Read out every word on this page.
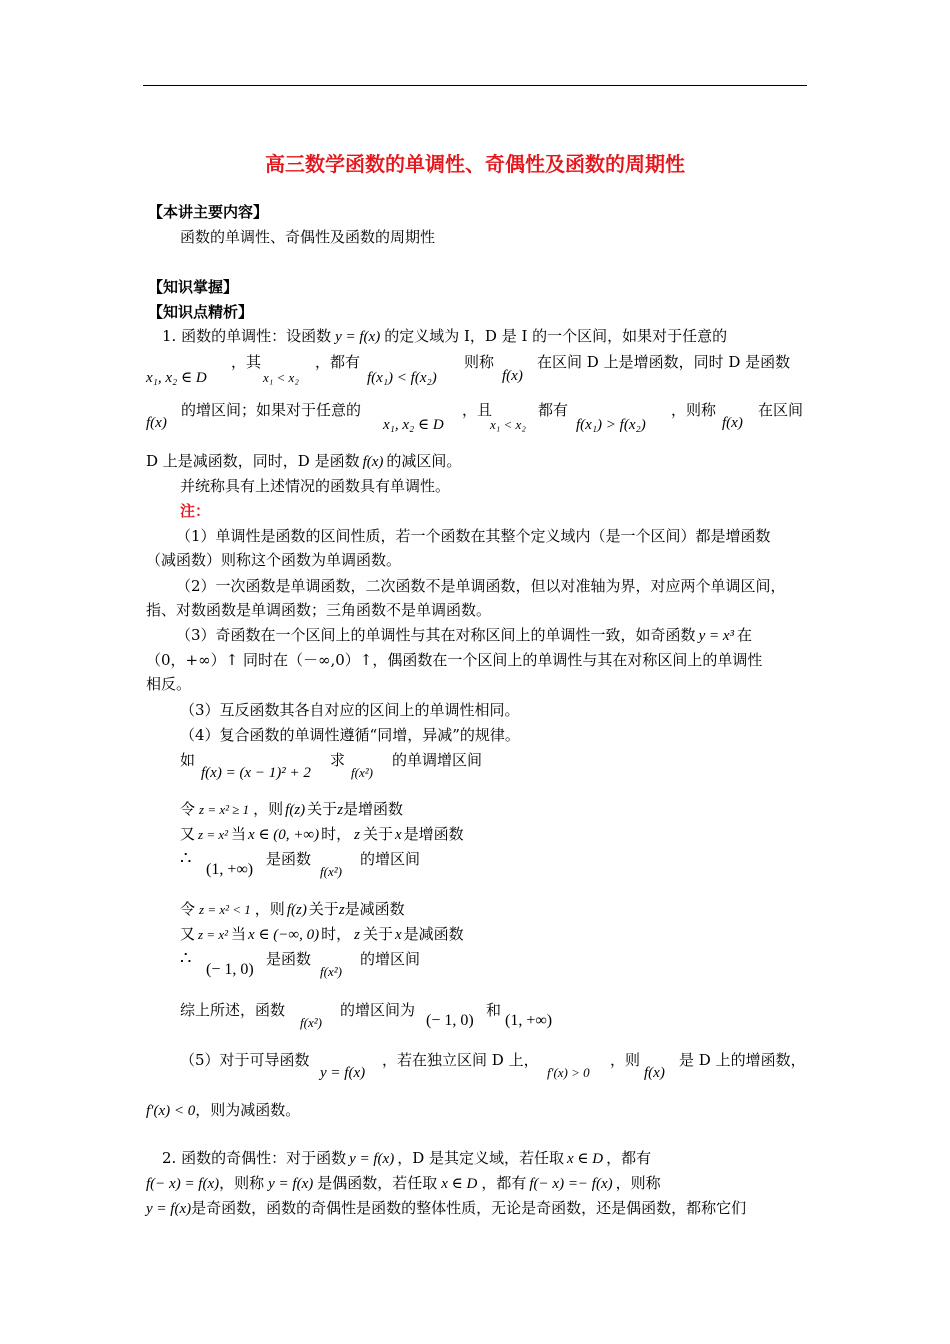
高三数学函数的单调性、奇偶性及函数的周期性
【本讲主要内容】
函数的单调性、奇偶性及函数的周期性
【知识掌握】
【知识点精析】
1. 函数的单调性：设函数 y = f(x) 的定义域为 I，D 是 I 的一个区间，如果对于任意的
x₁, x₂ ∈ D
，其
x₁ < x₂
，都有
f(x₁) < f(x₂)
则称
f(x)
在区间 D 上是增函数，同时 D 是函数
f(x)
的增区间；如果对于任意的
x₁, x₂ ∈ D
，且
x₁ < x₂
都有
f(x₁) > f(x₂)
，则称
f(x)
在区间
D 上是减函数，同时，D 是函数 f(x) 的减区间。
并统称具有上述情况的函数具有单调性。
注：
（1）单调性是函数的区间性质，若一个函数在其整个定义域内（是一个区间）都是增函数
（减函数）则称这个函数为单调函数。
（2）一次函数是单调函数，二次函数不是单调函数，但以对准轴为界，对应两个单调区间，
指、对数函数是单调函数；三角函数不是单调函数。
（3）奇函数在一个区间上的单调性与其在对称区间上的单调性一致，如奇函数 y = x³ 在
（0，+∞）↑ 同时在（－∞,0）↑，偶函数在一个区间上的单调性与其在对称区间上的单调性
相反。
（3）互反函数其各自对应的区间上的单调性相同。
（4）复合函数的单调性遵循“同增，异减”的规律。
如
f(x) = (x − 1)² + 2
求
f(x²)
的单调增区间
令 z = x² ≥ 1 ，则 f(z) 关于z是增函数
又 z = x² 当 x ∈ (0, +∞) 时， z 关于 x 是增函数
∴
(1, +∞)
是函数
f(x²)
的增区间
令 z = x² < 1 ，则 f(z) 关于z是减函数
又 z = x² 当 x ∈ (−∞, 0) 时， z 关于 x 是减函数
∴
(− 1, 0)
是函数
f(x²)
的增区间
综上所述，函数
f(x²)
的增区间为
(− 1, 0)
和
(1, +∞)
（5）对于可导函数
y = f(x)
，若在独立区间 D 上，
f′(x) > 0
，则
f(x)
是 D 上的增函数，
f′(x) < 0，则为减函数。
2. 函数的奇偶性：对于函数 y = f(x) ，D 是其定义域，若任取 x ∈ D ，都有
f(− x) = f(x)，则称 y = f(x) 是偶函数，若任取 x ∈ D ，都有 f(− x) =− f(x) ，则称
y = f(x)是奇函数，函数的奇偶性是函数的整体性质，无论是奇函数，还是偶函数，都称它们
